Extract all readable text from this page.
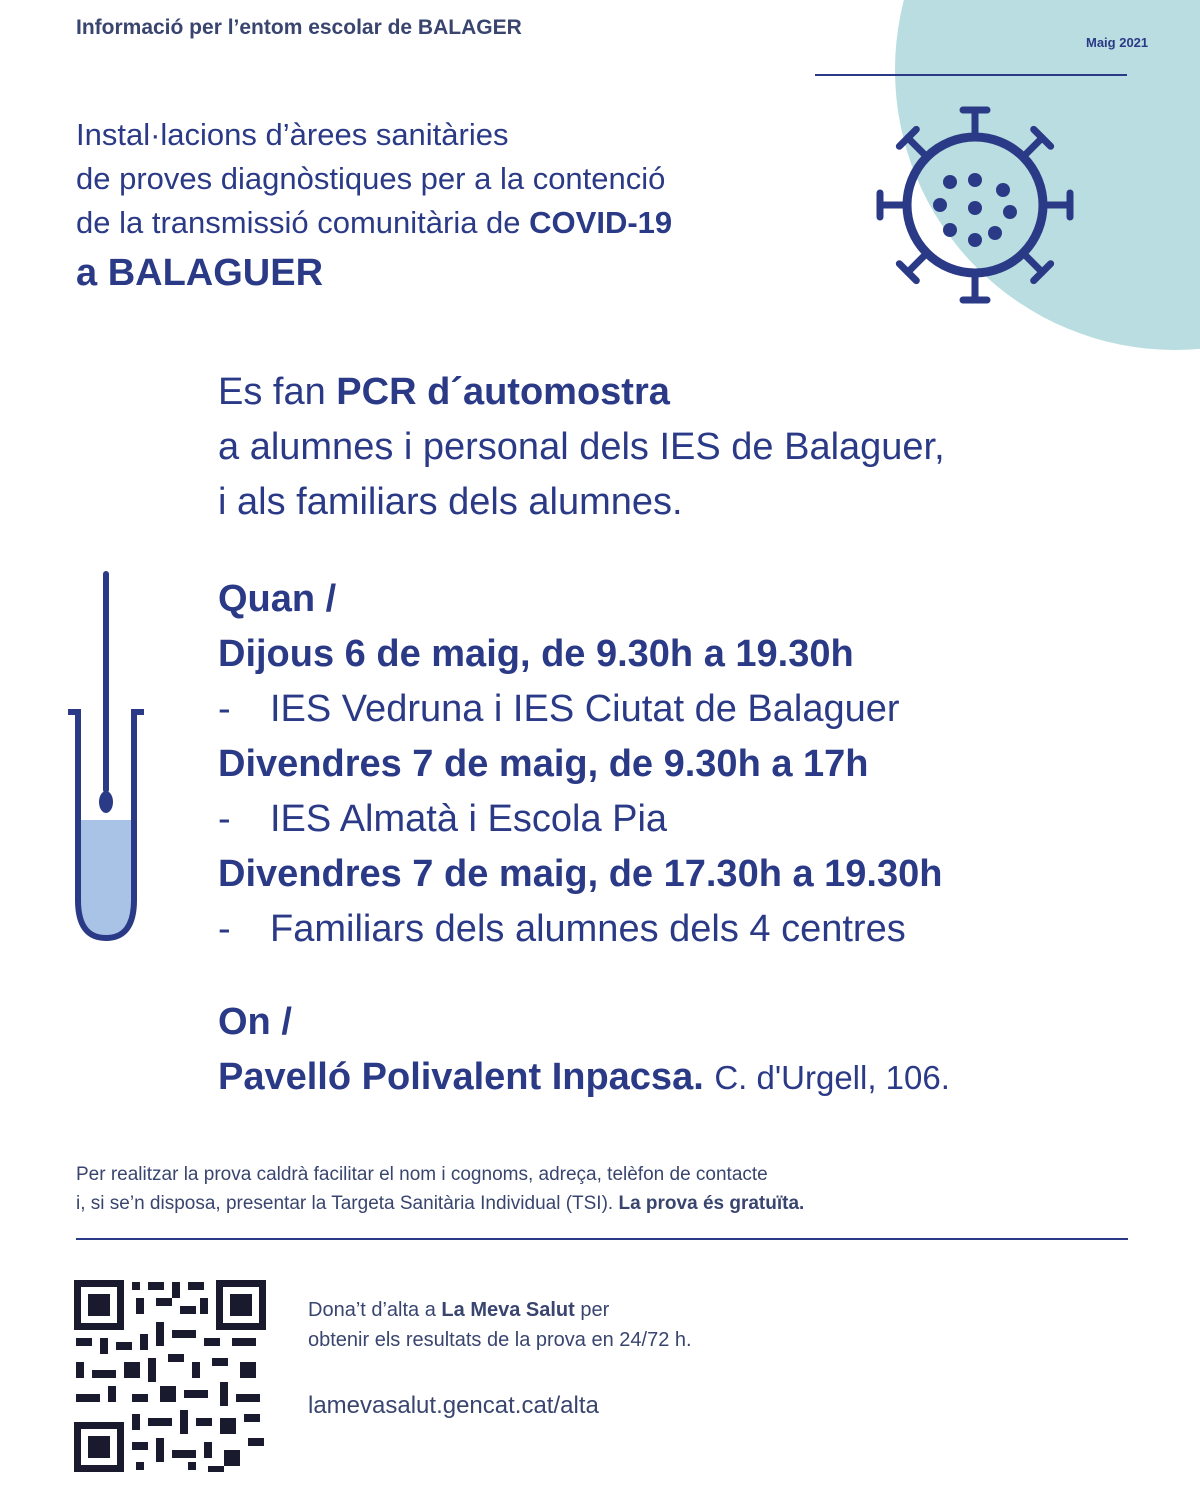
Informació per l’entom escolar de BALAGER
Maig 2021
Instal·lacions d’àrees sanitàries
de proves diagnòstiques per a la contenció
de la transmissió comunitària de COVID-19
a BALAGUER
Es fan PCR d´automostra
a alumnes i personal dels IES de Balaguer,
i als familiars dels alumnes.
Quan /
Dijous 6 de maig, de 9.30h a 19.30h
-	IES Vedruna i IES Ciutat de Balaguer
Divendres 7 de maig, de 9.30h a 17h
-	IES Almatà i Escola Pia
Divendres 7 de maig, de 17.30h a 19.30h
-	Familiars dels alumnes dels 4 centres
On /
Pavelló Polivalent Inpacsa. C. d'Urgell, 106.
Per realitzar la prova caldrà facilitar el nom i cognoms, adreça, telèfon de contacte
i, si se’n disposa, presentar la Targeta Sanitària Individual (TSI). La prova és gratuïta.
Dona’t d’alta a La Meva Salut per
obtenir els resultats de la prova en 24/72 h.
lamevasalut.gencat.cat/alta
